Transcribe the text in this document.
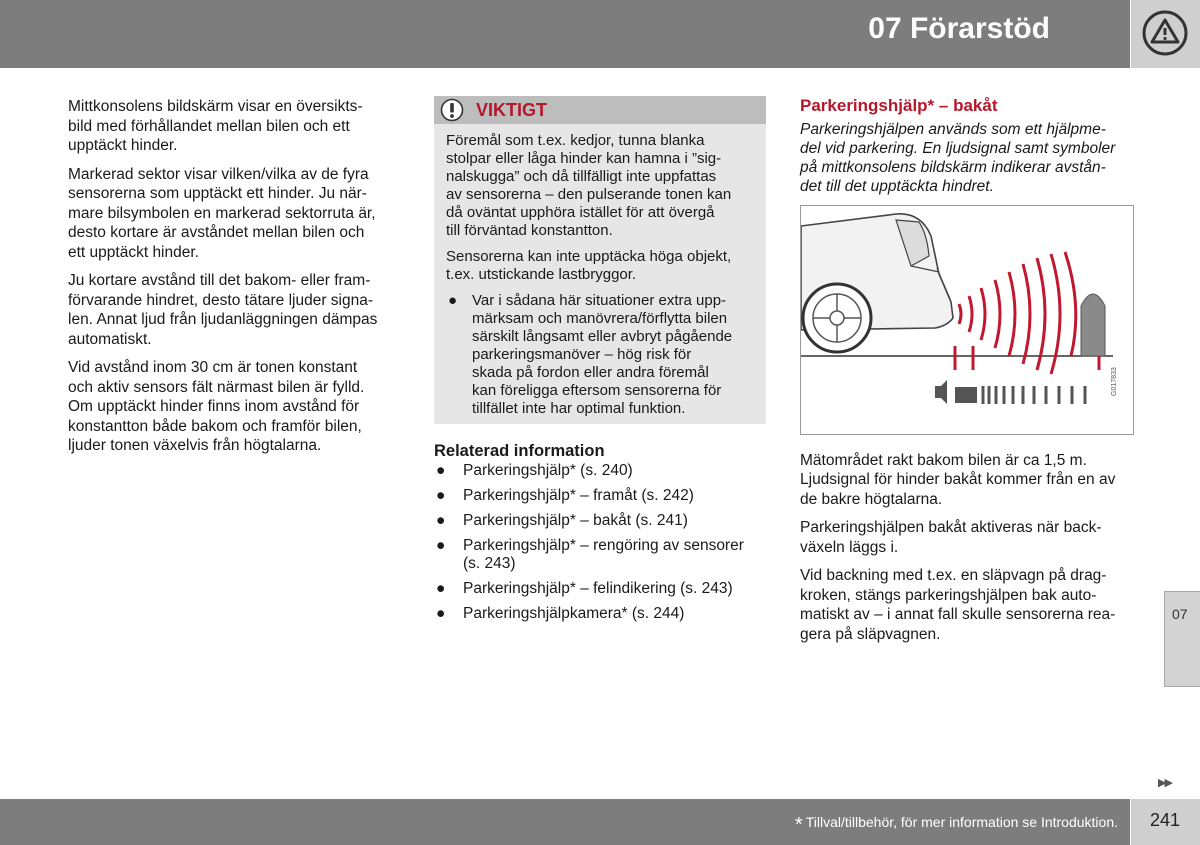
07 Förarstöd

Mittkonsolens bildskärm visar en översikts-
bild med förhållandet mellan bilen och ett
upptäckt hinder.

Markerad sektor visar vilken/vilka av de fyra
sensorerna som upptäckt ett hinder. Ju när-
mare bilsymbolen en markerad sektorruta är,
desto kortare är avståndet mellan bilen och
ett upptäckt hinder.

Ju kortare avstånd till det bakom- eller fram-
förvarande hindret, desto tätare ljuder signa-
len. Annat ljud från ljudanläggningen dämpas
automatiskt.

Vid avstånd inom 30 cm är tonen konstant
och aktiv sensors fält närmast bilen är fylld.
Om upptäckt hinder finns inom avstånd för
konstantton både bakom och framför bilen,
ljuder tonen växelvis från högtalarna.

VIKTIGT

Föremål som t.ex. kedjor, tunna blanka
stolpar eller låga hinder kan hamna i ”sig-
nalskugga” och då tillfälligt inte uppfattas
av sensorerna – den pulserande tonen kan
då oväntat upphöra istället för att övergå
till förväntad konstantton.

Sensorerna kan inte upptäcka höga objekt,
t.ex. utstickande lastbryggor.

● Var i sådana här situationer extra upp-
märksam och manövrera/förflytta bilen
särskilt långsamt eller avbryt pågående
parkeringsmanöver – hög risk för
skada på fordon eller andra föremål
kan föreligga eftersom sensorerna för
tillfället inte har optimal funktion.
Relaterad information
●	Parkeringshjälp* (s. 240)
●	Parkeringshjälp* – framåt (s. 242)
●	Parkeringshjälp* – bakåt (s. 241)
●	Parkeringshjälp* – rengöring av sensorer
(s. 243)
●	Parkeringshjälp* – felindikering (s. 243)
●	Parkeringshjälpkamera* (s. 244)
Parkeringshjälp* – bakåt
Parkeringshjälpen används som ett hjälpme-
del vid parkering. En ljudsignal samt symboler
på mittkonsolens bildskärm indikerar avstån-
det till det upptäckta hindret.
G017833

Mätområdet rakt bakom bilen är ca 1,5 m.
Ljudsignal för hinder bakåt kommer från en av
de bakre högtalarna.

Parkeringshjälpen bakåt aktiveras när back-
växeln läggs i.

Vid backning med t.ex. en släpvagn på drag-
kroken, stängs parkeringshjälpen bak auto-
matiskt av – i annat fall skulle sensorerna rea-
gera på släpvagnen.

07
▶▶
* Tillval/tillbehör, för mer information se Introduktion. 241
